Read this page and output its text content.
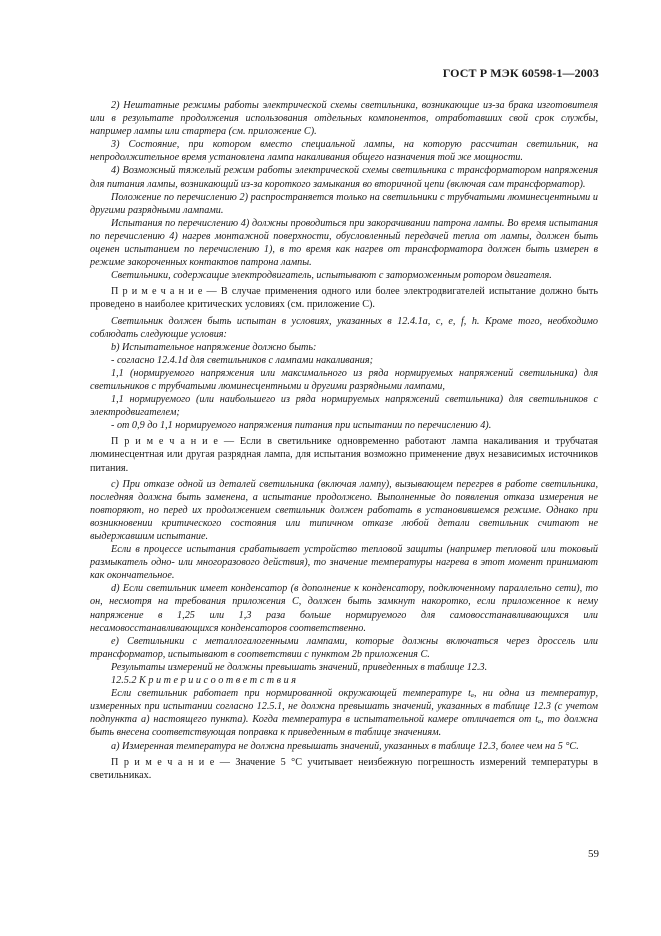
ГОСТ Р МЭК 60598-1—2003

2) Нештатные режимы работы электрической схемы светильника, возникающие из-за брака изготовителя или в результате продолжения использования отдельных компонентов, отработавших свой срок службы, например лампы или стартера (см. приложение С).

3) Состояние, при котором вместо специальной лампы, на которую рассчитан светильник, на непродолжительное время установлена лампа накаливания общего назначения той же мощности.

4) Возможный тяжелый режим работы электрической схемы светильника с трансформатором напряжения для питания лампы, возникающий из-за короткого замыкания во вторичной цепи (включая сам трансформатор).

Положение по перечислению 2) распространяется только на светильники с трубчатыми люминесцентными и другими разрядными лампами.

Испытания по перечислению 4) должны проводиться при закорачивании патрона лампы. Во время испытания по перечислению 4) нагрев монтажной поверхности, обусловленный передачей тепла от лампы, должен быть оценен испытанием по перечислению 1), в то время как нагрев от трансформатора должен быть измерен в режиме закороченных контактов патрона лампы.

Светильники, содержащие электродвигатель, испытывают с заторможенным ротором двигателя.

П р и м е ч а н и е — В случае применения одного или более электродвигателей испытание должно быть проведено в наиболее критических условиях (см. приложение С).

Светильник должен быть испытан в условиях, указанных в 12.4.1a, c, e, f, h. Кроме того, необходимо соблюдать следующие условия:

b) Испытательное напряжение должно быть:

- согласно 12.4.1d для светильников с лампами накаливания;

1,1 (нормируемого напряжения или максимального из ряда нормируемых напряжений светильника) для светильников с трубчатыми люминесцентными и другими разрядными лампами,

1,1 нормируемого (или наибольшего из ряда нормируемых напряжений светильника) для светильников с электродвигателем;

- от 0,9 до 1,1 нормируемого напряжения питания при испытании по перечислению 4).

П р и м е ч а н и е — Если в светильнике одновременно работают лампа накаливания и трубчатая люминесцентная или другая разрядная лампа, для испытания возможно применение двух независимых источников питания.

c) При отказе одной из деталей светильника (включая лампу), вызывающем перегрев в работе светильника, последняя должна быть заменена, а испытание продолжено. Выполненные до появления отказа измерения не повторяют, но перед их продолжением светильник должен работать в установившемся режиме. Однако при возникновении критического состояния или типичном отказе любой детали светильник считают не выдержавшим испытание.

Если в процессе испытания срабатывает устройство тепловой защиты (например тепловой или токовый размыкатель одно- или многоразового действия), то значение температуры нагрева в этот момент принимают как окончательное.

d) Если светильник имеет конденсатор (в дополнение к конденсатору, подключенному параллельно сети), то он, несмотря на требования приложения С, должен быть замкнут накоротко, если приложенное к нему напряжение в 1,25 или 1,3 раза больше нормируемого для самовосстанавливающихся или несамовосстанавливающихся конденсаторов соответственно.

e) Светильники с металлогалогенными лампами, которые должны включаться через дроссель или трансформатор, испытывают в соответствии с пунктом 2b приложения С.

Результаты измерений не должны превышать значений, приведенных в таблице 12.3.

12.5.2 К р и т е р и и с о о т в е т с т в и я

Если светильник работает при нормированной окружающей температуре tₐ, ни одна из температур, измеренных при испытании согласно 12.5.1, не должна превышать значений, указанных в таблице 12.3 (с учетом подпункта а) настоящего пункта). Когда температура в испытательной камере отличается от tₐ, то должна быть внесена соответствующая поправка к приведенным в таблице значениям.

а) Измеренная температура не должна превышать значений, указанных в таблице 12.3, более чем на 5 °С.

П р и м е ч а н и е — Значение 5 °С учитывает неизбежную погрешность измерений температуры в светильниках.

59
